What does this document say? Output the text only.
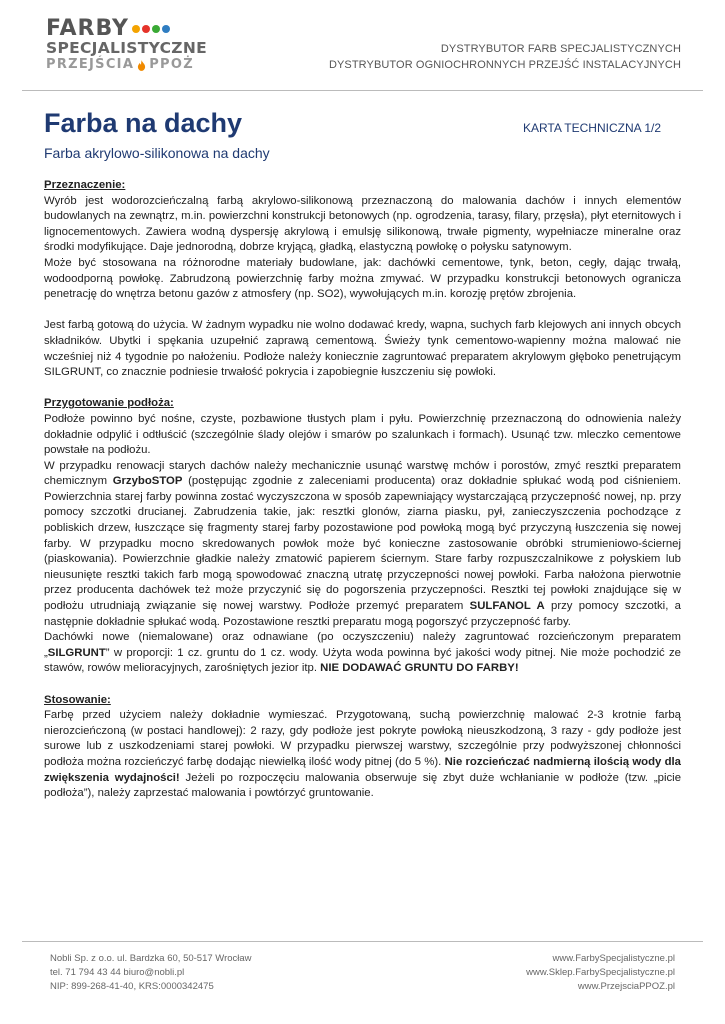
FARBY
SPECJALISTYCZNE
PRZEJŚCIA PPOŻ
DYSTRYBUTOR FARB SPECJALISTYCZNYCH
DYSTRYBUTOR OGNIOCHRONNYCH PRZEJŚĆ INSTALACYJNYCH
Farba na dachy	KARTA TECHNICZNA 1/2
Farba akrylowo-silikonowa na dachy
Przeznaczenie:

Wyrób jest wodorozcieńczalną farbą akrylowo-silikonową przeznaczoną do malowania dachów i innych elementów budowlanych na zewnątrz, m.in. powierzchni konstrukcji betonowych (np. ogrodzenia, tarasy, filary, przęsła), płyt eternitowych i lignocementowych. Zawiera wodną dyspersję akrylową i emulsję silikonową, trwałe pigmenty, wypełniacze mineralne oraz środki modyfikujące. Daje jednorodną, dobrze kryjącą, gładką, elastyczną powłokę o połysku satynowym.

Może być stosowana na różnorodne materiały budowlane, jak: dachówki cementowe, tynk, beton, cegły, dając trwałą, wodoodporną powłokę. Zabrudzoną powierzchnię farby można zmywać. W przypadku konstrukcji betonowych ogranicza penetrację do wnętrza betonu gazów z atmosfery (np. SO2), wywołujących m.in. korozję prętów zbrojenia.

Jest farbą gotową do użycia. W żadnym wypadku nie wolno dodawać kredy, wapna, suchych farb klejowych ani innych obcych składników. Ubytki i spękania uzupełnić zaprawą cementową. Świeży tynk cementowo-wapienny można malować nie wcześniej niż 4 tygodnie po nałożeniu. Podłoże należy koniecznie zagruntować preparatem akrylowym głęboko penetrującym SILGRUNT, co znacznie podniesie trwałość pokrycia i zapobiegnie łuszczeniu się powłoki.

Przygotowanie podłoża:

Podłoże powinno być nośne, czyste, pozbawione tłustych plam i pyłu. Powierzchnię przeznaczoną do odnowienia należy dokładnie odpylić i odtłuścić (szczególnie ślady olejów i smarów po szalunkach i formach). Usunąć tzw. mleczko cementowe powstałe na podłożu.

W przypadku renowacji starych dachów należy mechanicznie usunąć warstwę mchów i porostów, zmyć resztki preparatem chemicznym GrzyboSTOP (postępując zgodnie z zaleceniami producenta) oraz dokładnie spłukać wodą pod ciśnieniem. Powierzchnia starej farby powinna zostać wyczyszczona w sposób zapewniający wystarczającą przyczepność nowej, np. przy pomocy szczotki drucianej. Zabrudzenia takie, jak: resztki glonów, ziarna piasku, pył, zanieczyszczenia pochodzące z pobliskich drzew, łuszczące się fragmenty starej farby pozostawione pod powłoką mogą być przyczyną łuszczenia się nowej farby. W przypadku mocno skredowanych powłok może być konieczne zastosowanie obróbki strumieniowo-ściernej (piaskowania). Powierzchnie gładkie należy zmatowić papierem ściernym. Stare farby rozpuszczalnikowe z połyskiem lub nieusunięte resztki takich farb mogą spowodować znaczną utratę przyczepności nowej powłoki. Farba nałożona pierwotnie przez producenta dachówek też może przyczynić się do pogorszenia przyczepności. Resztki tej powłoki znajdujące się w podłożu utrudniają związanie się nowej warstwy. Podłoże przemyć preparatem SULFANOL A przy pomocy szczotki, a następnie dokładnie spłukać wodą. Pozostawione resztki preparatu mogą pogorszyć przyczepność farby.

Dachówki nowe (niemalowane) oraz odnawiane (po oczyszczeniu) należy zagruntować rozcieńczonym preparatem „SILGRUNT” w proporcji: 1 cz. gruntu do 1 cz. wody. Użyta woda powinna być jakości wody pitnej. Nie może pochodzić ze stawów, rowów melioracyjnych, zarośniętych jezior itp. NIE DODAWAĆ GRUNTU DO FARBY!

Stosowanie:

Farbę przed użyciem należy dokładnie wymieszać. Przygotowaną, suchą powierzchnię malować 2-3 krotnie farbą nierozcieńczoną (w postaci handlowej): 2 razy, gdy podłoże jest pokryte powłoką nieuszkodzoną, 3 razy - gdy podłoże jest surowe lub z uszkodzeniami starej powłoki. W przypadku pierwszej warstwy, szczególnie przy podwyższonej chłonności podłoża można rozcieńczyć farbę dodając niewielką ilość wody pitnej (do 5 %). Nie rozcieńczać nadmierną ilością wody dla zwiększenia wydajności! Jeżeli po rozpoczęciu malowania obserwuje się zbyt duże wchłanianie w podłoże (tzw. „picie podłoża”), należy zaprzestać malowania i powtórzyć gruntowanie.

Nobli Sp. z o.o. ul. Bardzka 60, 50-517 Wrocław
tel. 71 794 43 44 biuro@nobli.pl
NIP: 899-268-41-40, KRS:0000342475
www.FarbySpecjalistyczne.pl
www.Sklep.FarbySpecjalistyczne.pl
www.PrzejsciaPPOZ.pl
